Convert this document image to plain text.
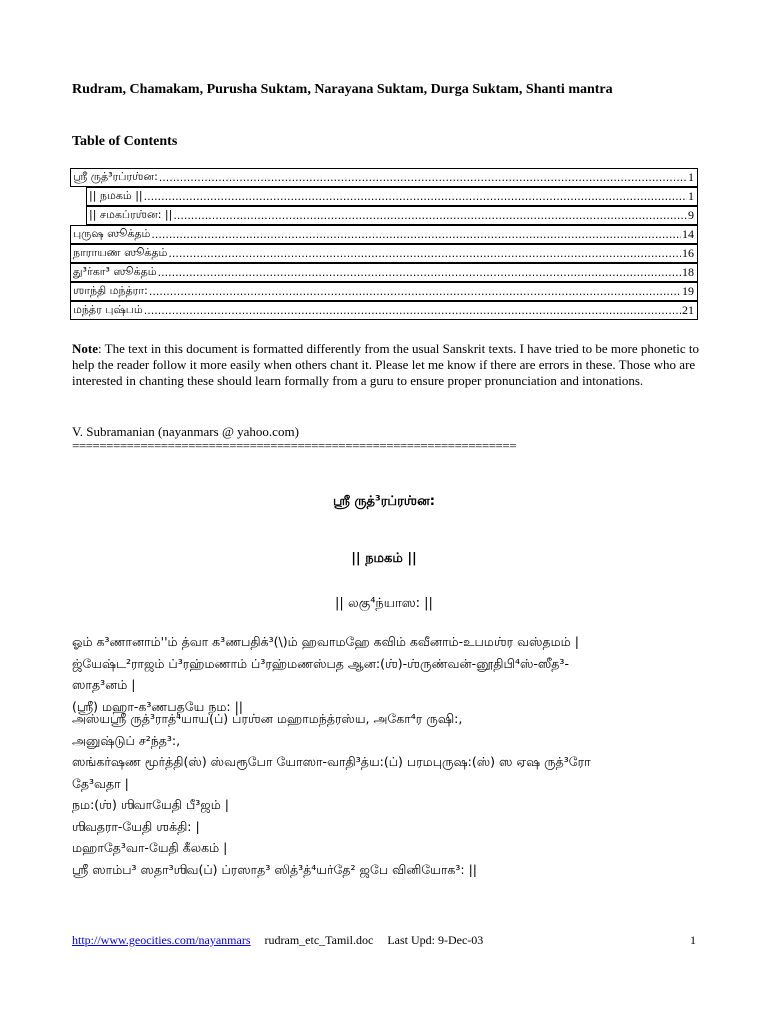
Rudram, Chamakam, Purusha Suktam, Narayana Suktam, Durga Suktam, Shanti mantra
Table of Contents
ஸ்ரீ ருத்³ரப்ரஶ்ன: .....	1
|| நமகம் || .....	1
|| சமகப்ரஶ்ன: || .....	9
புருஷ ஸூக்தம் .....	14
நாராயண ஸூக்தம் .....	16
து³ர்கா³ ஸூக்தம் .....	18
ஶாந்தி மந்த்ரா: .....	19
மந்த்ர புஷ்பம் .....	21
Note: The text in this document is formatted differently from the usual Sanskrit texts. I have tried to be more phonetic to help the reader follow it more easily when others chant it. Please let me know if there are errors in these. Those who are interested in chanting these should learn formally from a guru to ensure proper pronunciation and intonations.
V. Subramanian (nayanmars @ yahoo.com)
=================================================================
ஸ்ரீ ருத்³ரப்ரஶ்ன:
|| நமகம் ||
|| லகு⁴ந்யாஸ: ||
ஓம் க³ணானாம்''ம் த்வா க³ணபதிக்³(\)ம் ஹவாமஹே கவிம் கவீனாம்-உபமஶ்ர வஸ்தமம் |
ஜ்யேஷ்ட²ராஜம் ப்³ரஹ்மணாம் ப்³ரஹ்மணஸ்பத ஆன:(ஶ்)-ஶ்ருண்வன்-னூதிபி⁴ஸ்-ஸீத³-
ஸாத³னம் |
(ஸ்ரீ) மஹா-க³ணபதயே நம: ||
அஸ்யஸ்ரீ ருத்³ராத்⁴யாய(ப்) ப்ரஶ்ன மஹாமந்த்ரஸ்ய, அகோ⁴ர ருஷி:,
அனுஷ்டுப் ச²ந்த³:,
ஸங்கர்ஷண மூர்த்தி(ஸ்) ஸ்வரூபோ யோஸா-வாதி³த்ய:(ப்) பரமபுருஷ:(ஸ்) ஸ ஏஷ ருத்³ரோ
தே³வதா |
நம:(ஶ்) ஶிவாயேதி பீ³ஜம் |
ஶிவதரா-யேதி ஶக்தி: |
மஹாதே³வா-யேதி கீலகம் |
ஸ்ரீ ஸாம்ப³ ஸதா³ஶிவ(ப்) ப்ரஸாத³ ஸித்³த்⁴யர்தே² ஜபே வினியோக³: ||
http://www.geocities.com/nayanmars rudram_etc_Tamil.doc Last Upd: 9-Dec-03	1
